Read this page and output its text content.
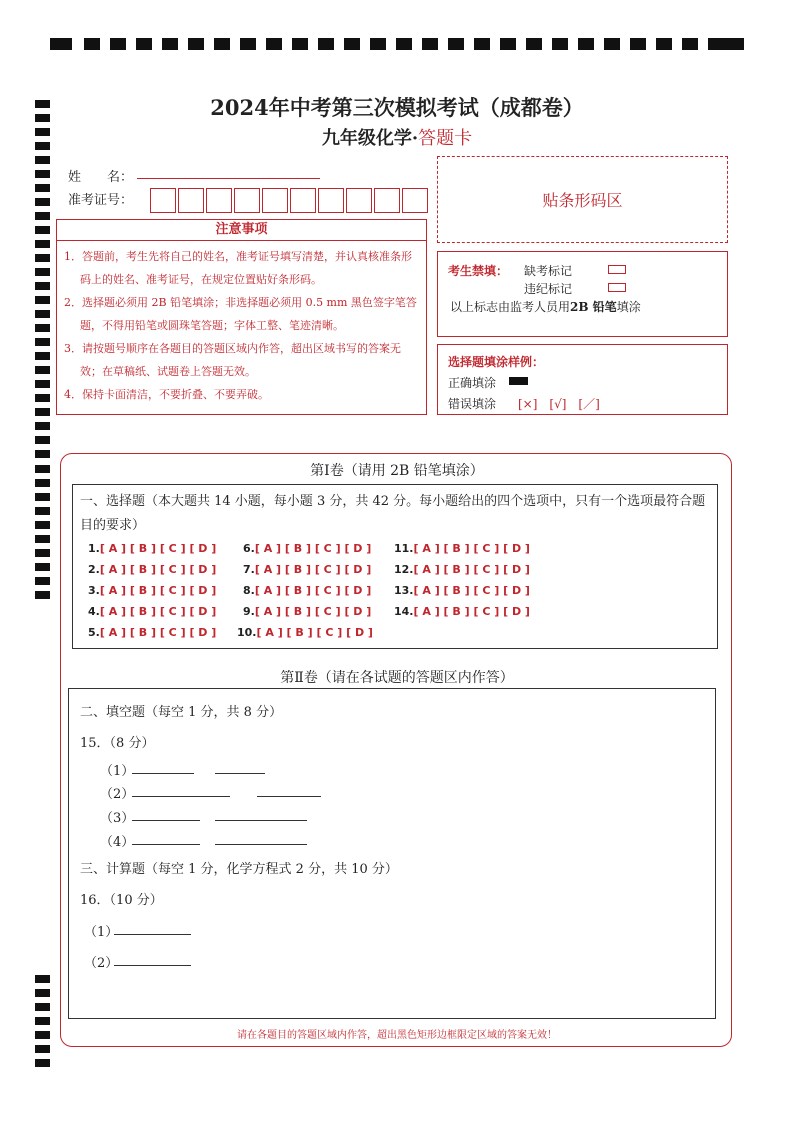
2024年中考第三次模拟考试（成都卷）
九年级化学·答题卡
姓　　名：
准考证号：	贴条形码区
注意事项
1．答题前，考生先将自己的姓名，准考证号填写清楚，并认真核准条形码上的姓名、准考证号，在规定位置贴好条形码。
2．选择题必须用 2B 铅笔填涂；非选择题必须用 0.5 mm 黑色签字笔答题，不得用铅笔或圆珠笔答题；字体工整、笔迹清晰。
3．请按题号顺序在各题目的答题区域内作答，超出区域书写的答案无效；在草稿纸、试题卷上答题无效。
4．保持卡面清洁，不要折叠、不要弄破。
考生禁填： 缺考标记
违纪标记
以上标志由监考人员用2B 铅笔填涂
选择题填涂样例：
正确填涂
错误填涂 [×]　[√]　[／]
第Ⅰ卷（请用 2B 铅笔填涂）
一、选择题（本大题共 14 小题，每小题 3 分，共 42 分。每小题给出的四个选项中，只有一个选项最符合题目的要求）
1.[ A ] [ B ] [ C ] [ D ]
2.[ A ] [ B ] [ C ] [ D ]
3.[ A ] [ B ] [ C ] [ D ]
4.[ A ] [ B ] [ C ] [ D ]
5.[ A ] [ B ] [ C ] [ D ]
6.[ A ] [ B ] [ C ] [ D ]
7.[ A ] [ B ] [ C ] [ D ]
8.[ A ] [ B ] [ C ] [ D ]
9.[ A ] [ B ] [ C ] [ D ]
10.[ A ] [ B ] [ C ] [ D ]
11.[ A ] [ B ] [ C ] [ D ]
12.[ A ] [ B ] [ C ] [ D ]
13.[ A ] [ B ] [ C ] [ D ]
14.[ A ] [ B ] [ C ] [ D ]
第Ⅱ卷（请在各试题的答题区内作答）
二、填空题（每空 1 分，共 8 分）
15．（8 分）
（1）
（2）
（3）
（4）
三、计算题（每空 1 分，化学方程式 2 分，共 10 分）
16．（10 分）
（1）
（2）
请在各题目的答题区域内作答，超出黑色矩形边框限定区域的答案无效！
